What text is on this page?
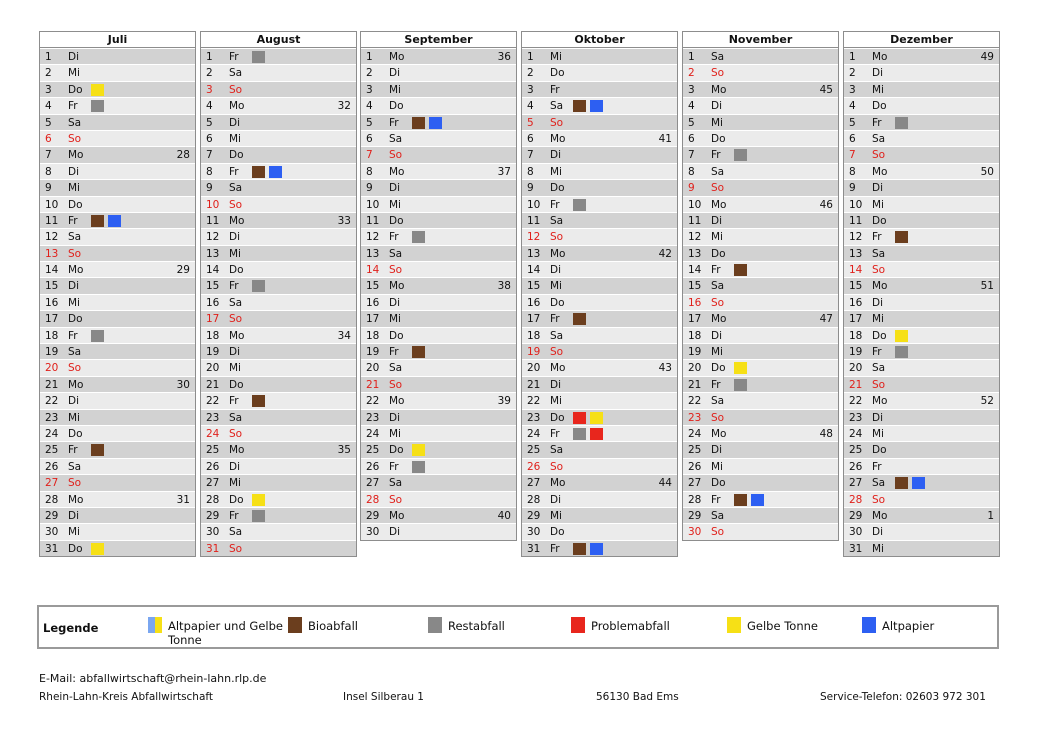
Juli
1	Di
2	Mi
3	Do
4	Fr
5	Sa
6	So
7	Mo	28
8	Di
9	Mi
10 Do
11 Fr
12 Sa
13 So
14 Mo	29
15 Di
16 Mi
17 Do
18 Fr
19 Sa
20 So
21 Mo	30
22 Di
23 Mi
24 Do
25 Fr
26 Sa
27 So
28 Mo	31
29 Di
30 Mi
31 Do
August
1	Fr
2	Sa
3	So
4	Mo	32
5	Di
6	Mi
7	Do
8	Fr
9	Sa
10 So
11 Mo	33
12 Di
13 Mi
14 Do
15 Fr
16 Sa
17 So
18 Mo	34
19 Di
20 Mi
21 Do
22 Fr
23 Sa
24 So
25 Mo	35
26 Di
27 Mi
28 Do
29 Fr
30 Sa
31 So
September
1	Mo	36
2	Di
3	Mi
4	Do
5	Fr
6	Sa
7	So
8	Mo	37
9	Di
10 Mi
11 Do
12 Fr
13 Sa
14 So
15 Mo	38
16 Di
17 Mi
18 Do
19 Fr
20 Sa
21 So
22 Mo	39
23 Di
24 Mi
25 Do
26 Fr
27 Sa
28 So
29 Mo	40
30 Di
Oktober
1	Mi
2	Do
3	Fr
4	Sa
5	So
6	Mo	41
7	Di
8	Mi
9	Do
10 Fr
11 Sa
12 So
13 Mo	42
14 Di
15 Mi
16 Do
17 Fr
18 Sa
19 So
20 Mo	43
21 Di
22 Mi
23 Do
24 Fr
25 Sa
26 So
27 Mo	44
28 Di
29 Mi
30 Do
31 Fr
November
1	Sa
2	So
3	Mo	45
4	Di
5	Mi
6	Do
7	Fr
8	Sa
9	So
10 Mo	46
11 Di
12 Mi
13 Do
14 Fr
15 Sa
16 So
17 Mo	47
18 Di
19 Mi
20 Do
21 Fr
22 Sa
23 So
24 Mo	48
25 Di
26 Mi
27 Do
28 Fr
29 Sa
30 So
Dezember
1	Mo	49
2	Di
3	Mi
4	Do
5	Fr
6	Sa
7	So
8	Mo	50
9	Di
10 Mi
11 Do
12 Fr
13 Sa
14 So
15 Mo	51
16 Di
17 Mi
18 Do
19 Fr
20 Sa
21 So
22 Mo	52
23 Di
24 Mi
25 Do
26 Fr
27 Sa
28 So
29 Mo	1
30 Di
31 Mi
Legende	Altpapier und Gelbe
Tonne
Bioabfall	Restabfall	Problemabfall	Gelbe Tonne	Altpapier
E-Mail: abfallwirtschaft@rhein-lahn.rlp.de
Rhein-Lahn-Kreis Abfallwirtschaft	Insel Silberau 1	56130 Bad Ems	Service-Telefon: 02603 972 301
